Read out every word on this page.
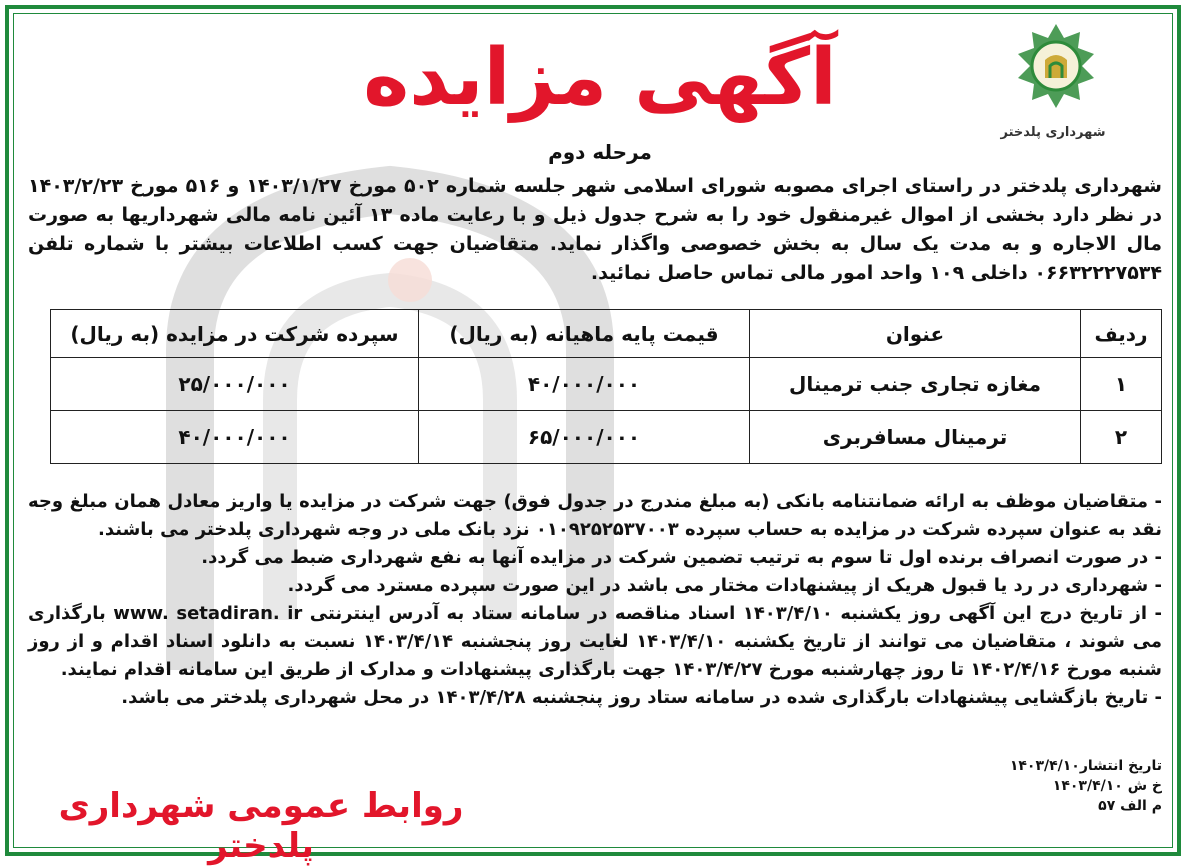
شهرداری پلدختر
آگهی مزایده
مرحله دوم
شهرداری پلدختر در راستای اجرای مصوبه شورای اسلامی شهر جلسه شماره ۵۰۲ مورخ ۱۴۰۳/۱/۲۷ و ۵۱۶ مورخ ۱۴۰۳/۲/۲۳ در نظر دارد بخشی از اموال غیرمنقول خود را به شرح جدول ذیل و با رعایت ماده ۱۳ آئین نامه مالی شهرداریها به صورت مال الاجاره و به مدت یک سال به بخش خصوصی واگذار نماید. متقاضیان جهت کسب اطلاعات بیشتر با شماره تلفن ۰۶۶۳۲۲۲۷۵۳۴ داخلی ۱۰۹ واحد امور مالی تماس حاصل نمائید.
ردیف	عنوان	قیمت پایه ماهیانه (به ریال)	سپرده شرکت در مزایده (به ریال)
۱	مغازه تجاری جنب ترمینال	۴۰/۰۰۰/۰۰۰	۲۵/۰۰۰/۰۰۰
۲	ترمینال مسافربری	۶۵/۰۰۰/۰۰۰	۴۰/۰۰۰/۰۰۰

- متقاضیان موظف به ارائه ضمانتنامه بانکی (به مبلغ مندرج در جدول فوق) جهت شرکت در مزایده یا واریز معادل همان مبلغ وجه نقد به عنوان سپرده شرکت در مزایده به حساب سپرده ۰۱۰۹۲۵۲۵۳۷۰۰۳ نزد بانک ملی در وجه شهرداری پلدختر می باشند.

- در صورت انصراف برنده اول تا سوم به ترتیب تضمین شرکت در مزایده آنها به نفع شهرداری ضبط می گردد.

- شهرداری در رد یا قبول هریک از پیشنهادات مختار می باشد در این صورت سپرده مسترد می گردد.

- از تاریخ درج این آگهی روز یکشنبه ۱۴۰۳/۴/۱۰ اسناد مناقصه در سامانه ستاد به آدرس اینترنتی www. setadiran. ir بارگذاری می شوند ، متقاضیان می توانند از تاریخ یکشنبه ۱۴۰۳/۴/۱۰ لغایت روز پنجشنبه ۱۴۰۳/۴/۱۴ نسبت به دانلود اسناد اقدام و از روز شنبه مورخ ۱۴۰۲/۴/۱۶ تا روز چهارشنبه مورخ ۱۴۰۳/۴/۲۷ جهت بارگذاری پیشنهادات و مدارک از طریق این سامانه اقدام نمایند.

- تاریخ بازگشایی پیشنهادات بارگذاری شده در سامانه ستاد روز پنجشنبه ۱۴۰۳/۴/۲۸ در محل شهرداری پلدختر می باشد.

تاریخ انتشار۱۴۰۳/۴/۱۰
خ ش ۱۴۰۳/۴/۱۰
م الف ۵۷
روابط عمومی شهرداری پلدختر
